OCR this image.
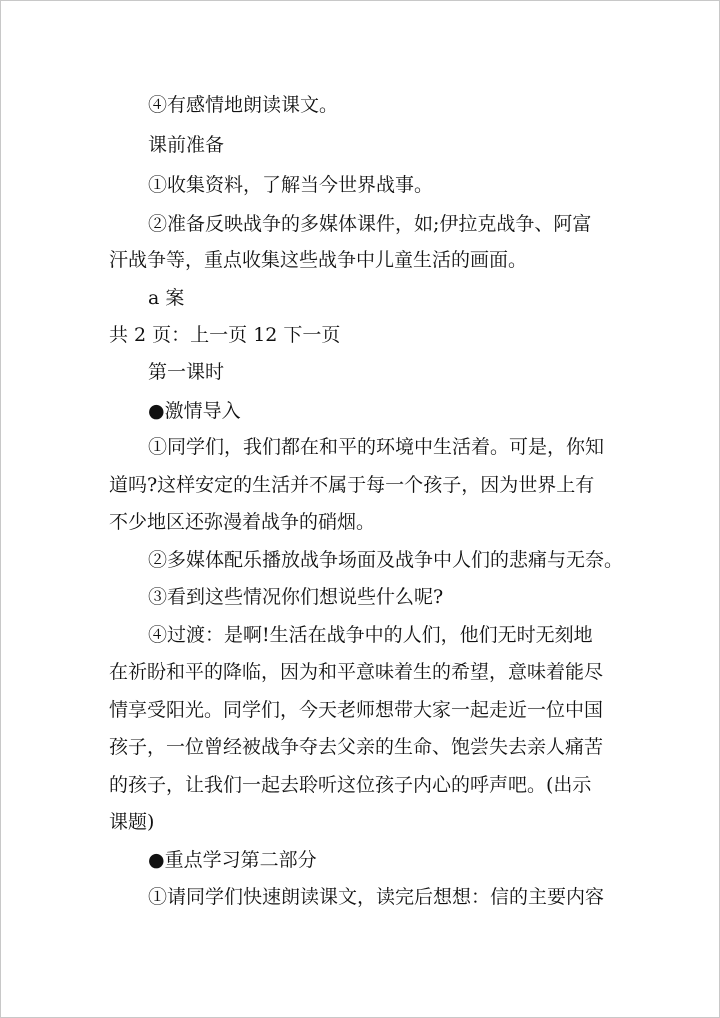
④有感情地朗读课文。
课前准备
①收集资料，了解当今世界战事。
②准备反映战争的多媒体课件，如;伊拉克战争、阿富
汗战争等，重点收集这些战争中儿童生活的画面。
a 案
共 2 页：上一页 12 下一页
第一课时
●激情导入
①同学们，我们都在和平的环境中生活着。可是，你知
道吗?这样安定的生活并不属于每一个孩子，因为世界上有
不少地区还弥漫着战争的硝烟。
②多媒体配乐播放战争场面及战争中人们的悲痛与无奈。
③看到这些情况你们想说些什么呢?
④过渡：是啊!生活在战争中的人们，他们无时无刻地
在祈盼和平的降临，因为和平意味着生的希望，意味着能尽
情享受阳光。同学们，今天老师想带大家一起走近一位中国
孩子，一位曾经被战争夺去父亲的生命、饱尝失去亲人痛苦
的孩子，让我们一起去聆听这位孩子内心的呼声吧。(出示
课题)
●重点学习第二部分
①请同学们快速朗读课文，读完后想想：信的主要内容
